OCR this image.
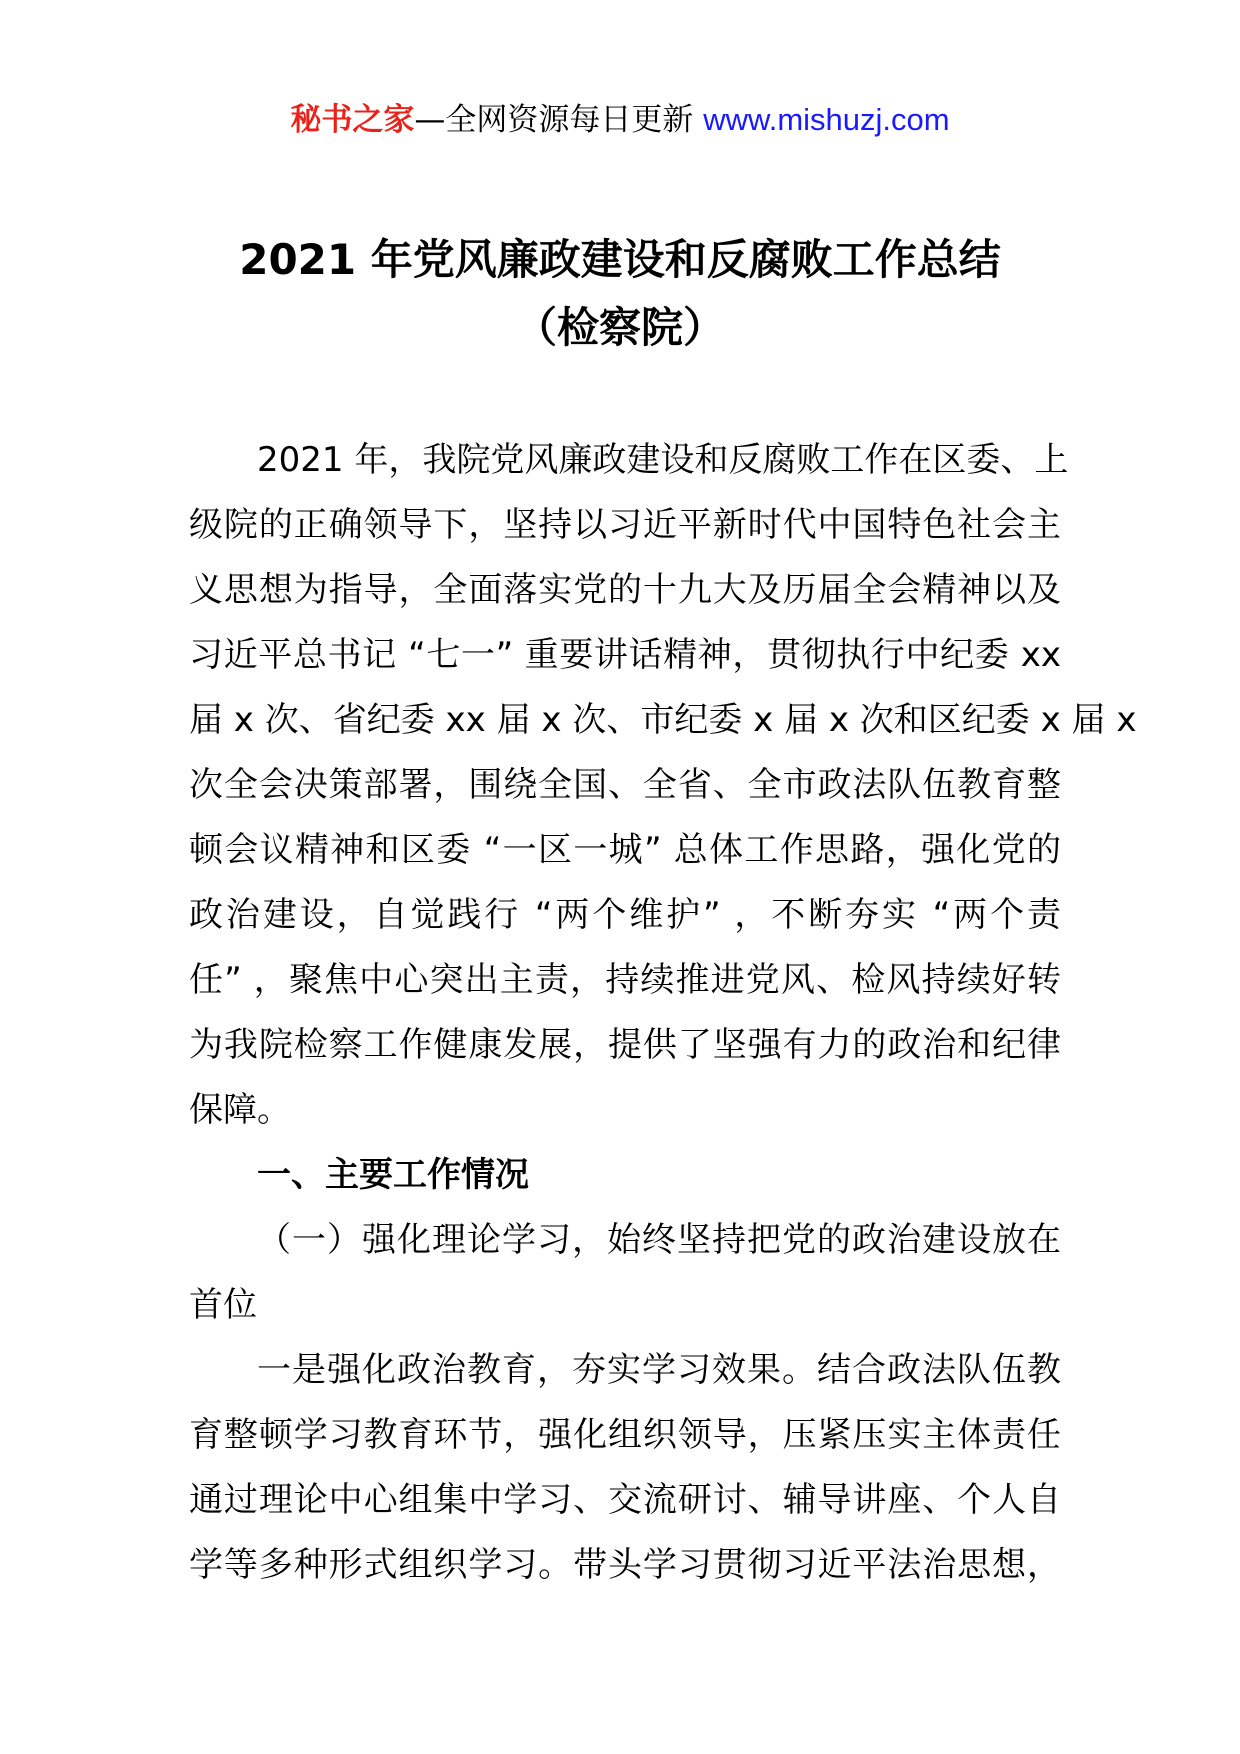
秘书之家—全网资源每日更新 www.mishuzj.com
2021 年党风廉政建设和反腐败工作总结
（检察院）
2021 年，我院党风廉政建设和反腐败工作在区委、上
级院的正确领导下，坚持以习近平新时代中国特色社会主
义思想为指导，全面落实党的十九大及历届全会精神以及
习近平总书记 “七一” 重要讲话精神，贯彻执行中纪委 xx
届 x 次、省纪委 xx 届 x 次、市纪委 x 届 x 次和区纪委 x 届 x
次全会决策部署，围绕全国、全省、全市政法队伍教育整
顿会议精神和区委 “一区一城” 总体工作思路，强化党的
政治建设，自觉践行 “两个维护” ，不断夯实 “两个责
任” ，聚焦中心突出主责，持续推进党风、检风持续好转
为我院检察工作健康发展，提供了坚强有力的政治和纪律
保障。
一、主要工作情况
（一）强化理论学习，始终坚持把党的政治建设放在
首位
一是强化政治教育，夯实学习效果。结合政法队伍教
育整顿学习教育环节，强化组织领导，压紧压实主体责任
通过理论中心组集中学习、交流研讨、辅导讲座、个人自
学等多种形式组织学习。带头学习贯彻习近平法治思想，
